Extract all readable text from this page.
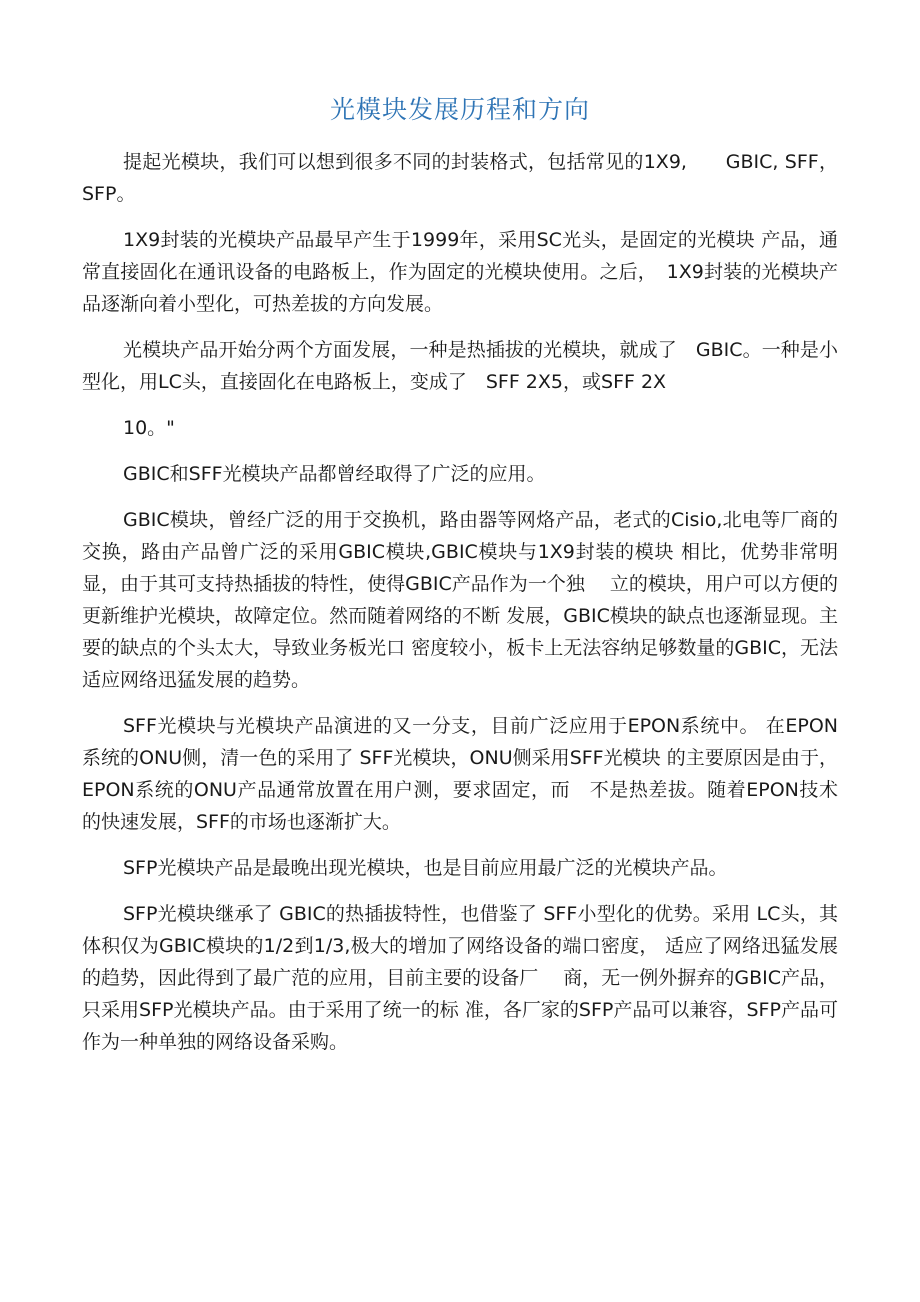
光模块发展历程和方向

提起光模块，我们可以想到很多不同的封装格式，包括常见的1X9,　　GBIC, SFF，SFP。

1X9封装的光模块产品最早产生于1999年，采用SC光头，是固定的光模块 产品，通常直接固化在通讯设备的电路板上，作为固定的光模块使用。之后，　1X9封装的光模块产品逐渐向着小型化，可热差拔的方向发展。

光模块产品开始分两个方面发展，一种是热插拔的光模块，就成了　GBIC。一种是小型化，用LC头，直接固化在电路板上，变成了　SFF 2X5，或SFF 2X

10。"

GBIC和SFF光模块产品都曾经取得了广泛的应用。

GBIC模块，曾经广泛的用于交换机，路由器等网烙产品，老式的Cisio,北电等厂商的交换，路由产品曾广泛的采用GBIC模块,GBIC模块与1X9封装的模块 相比，优势非常明显，由于其可支持热插拔的特性，使得GBIC产品作为一个独　 立的模块，用户可以方便的更新维护光模块，故障定位。然而随着网络的不断 发展，GBIC模块的缺点也逐渐显现。主要的缺点的个头太大，导致业务板光口 密度较小，板卡上无法容纳足够数量的GBIC，无法适应网络迅猛发展的趋势。

SFF光模块与光模块产品演进的又一分支，目前广泛应用于EPON系统中。 在EPON系统的ONU侧，清一色的采用了 SFF光模块，ONU侧采用SFF光模块 的主要原因是由于，EPON系统的ONU产品通常放置在用户测，要求固定，而　不是热差拔。随着EPON技术的快速发展，SFF的市场也逐渐扩大。

SFP光模块产品是最晚出现光模块，也是目前应用最广泛的光模块产品。

SFP光模块继承了 GBIC的热插拔特性，也借鉴了 SFF小型化的优势。采用 LC头，其体积仅为GBIC模块的1/2到1/3,极大的增加了网络设备的端口密度， 适应了网络迅猛发展的趋势，因此得到了最广范的应用，目前主要的设备厂　 商，无一例外摒弃的GBIC产品，只采用SFP光模块产品。由于采用了统一的标 准，各厂家的SFP产品可以兼容，SFP产品可作为一种单独的网络设备采购。
